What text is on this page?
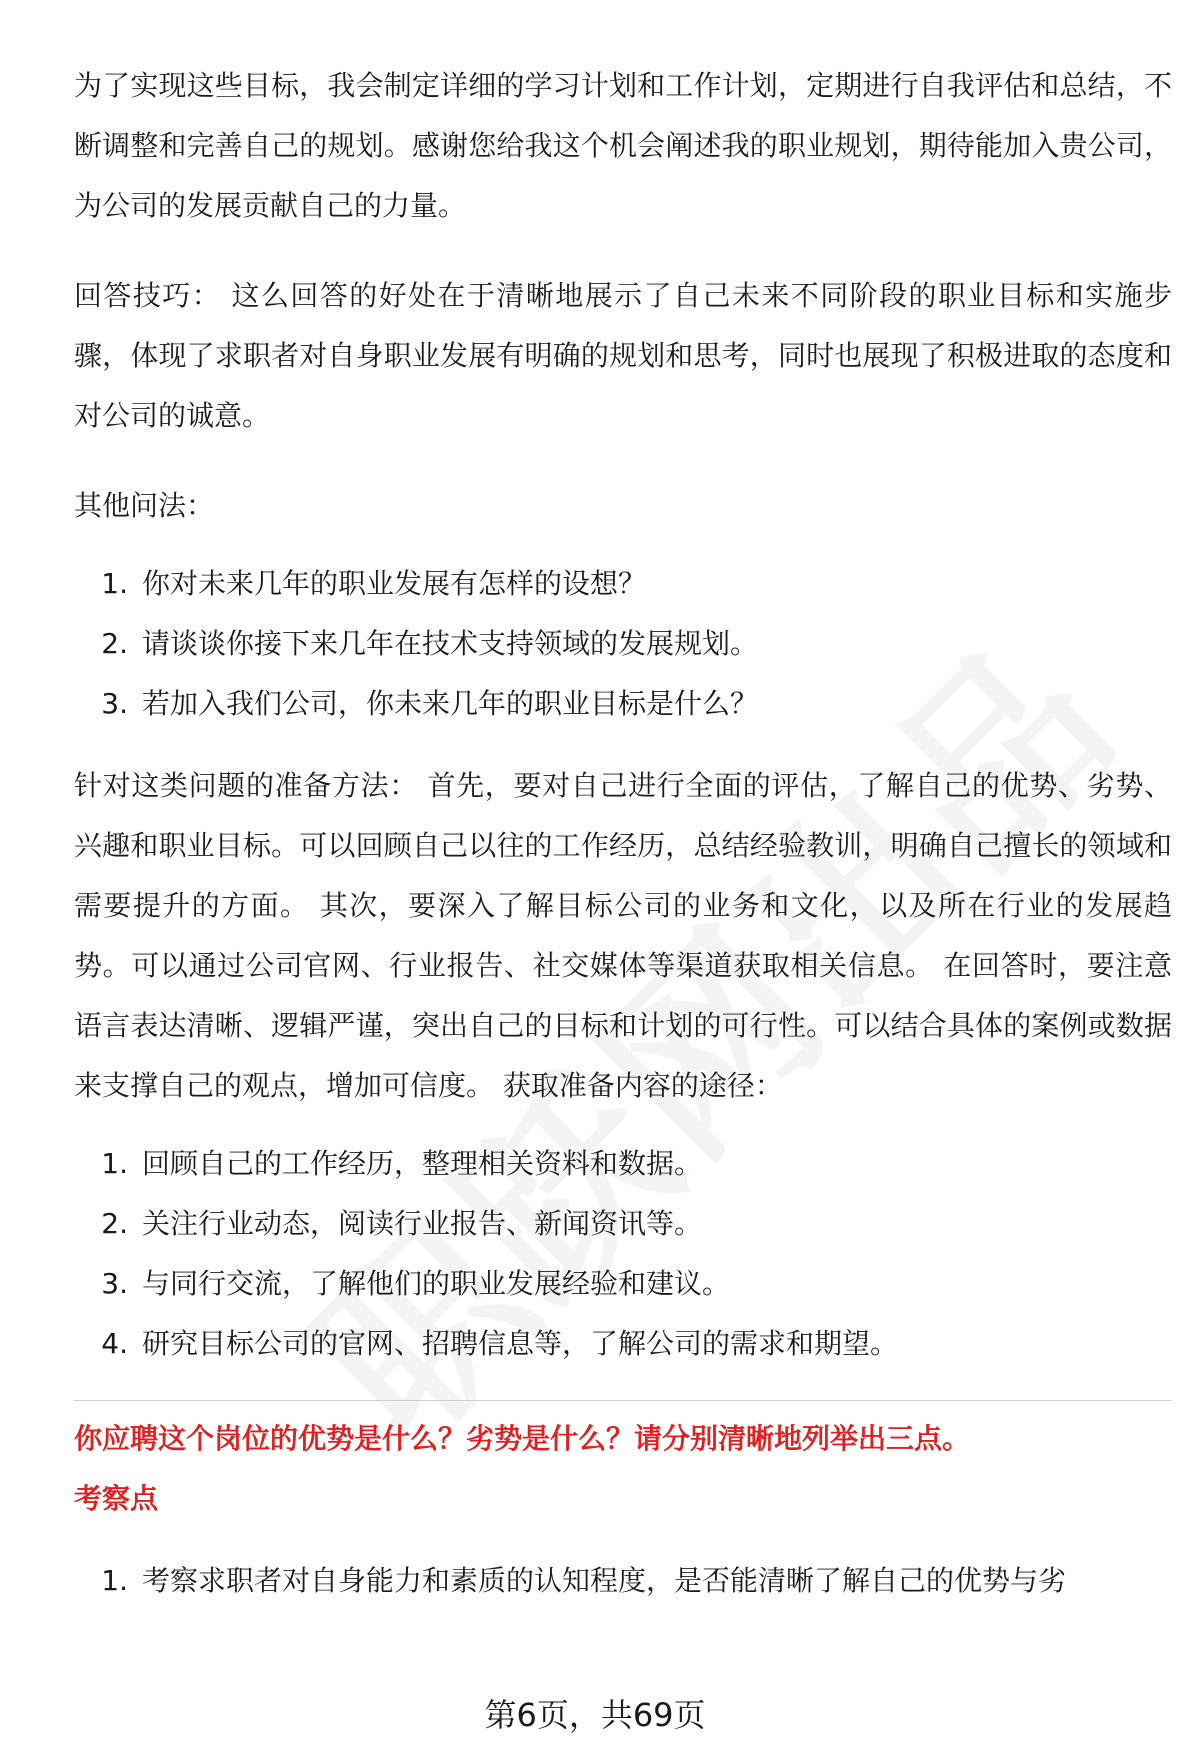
为了实现这些目标，我会制定详细的学习计划和工作计划，定期进行自我评估和总结，不断调整和完善自己的规划。感谢您给我这个机会阐述我的职业规划，期待能加入贵公司，为公司的发展贡献自己的力量。

回答技巧： 这么回答的好处在于清晰地展示了自己未来不同阶段的职业目标和实施步骤，体现了求职者对自身职业发展有明确的规划和思考，同时也展现了积极进取的态度和对公司的诚意。

其他问法：

1. 你对未来几年的职业发展有怎样的设想？
2. 请谈谈你接下来几年在技术支持领域的发展规划。
3. 若加入我们公司，你未来几年的职业目标是什么？

针对这类问题的准备方法： 首先，要对自己进行全面的评估，了解自己的优势、劣势、兴趣和职业目标。可以回顾自己以往的工作经历，总结经验教训，明确自己擅长的领域和需要提升的方面。 其次，要深入了解目标公司的业务和文化，以及所在行业的发展趋势。可以通过公司官网、行业报告、社交媒体等渠道获取相关信息。 在回答时，要注意语言表达清晰、逻辑严谨，突出自己的目标和计划的可行性。可以结合具体的案例或数据来支撑自己的观点，增加可信度。 获取准备内容的途径：

1. 回顾自己的工作经历，整理相关资料和数据。
2. 关注行业动态，阅读行业报告、新闻资讯等。
3. 与同行交流，了解他们的职业发展经验和建议。
4. 研究目标公司的官网、招聘信息等，了解公司的需求和期望。

你应聘这个岗位的优势是什么？劣势是什么？请分别清晰地列举出三点。

考察点

1. 考察求职者对自身能力和素质的认知程度，是否能清晰了解自己的优势与劣
第6页，共69页
